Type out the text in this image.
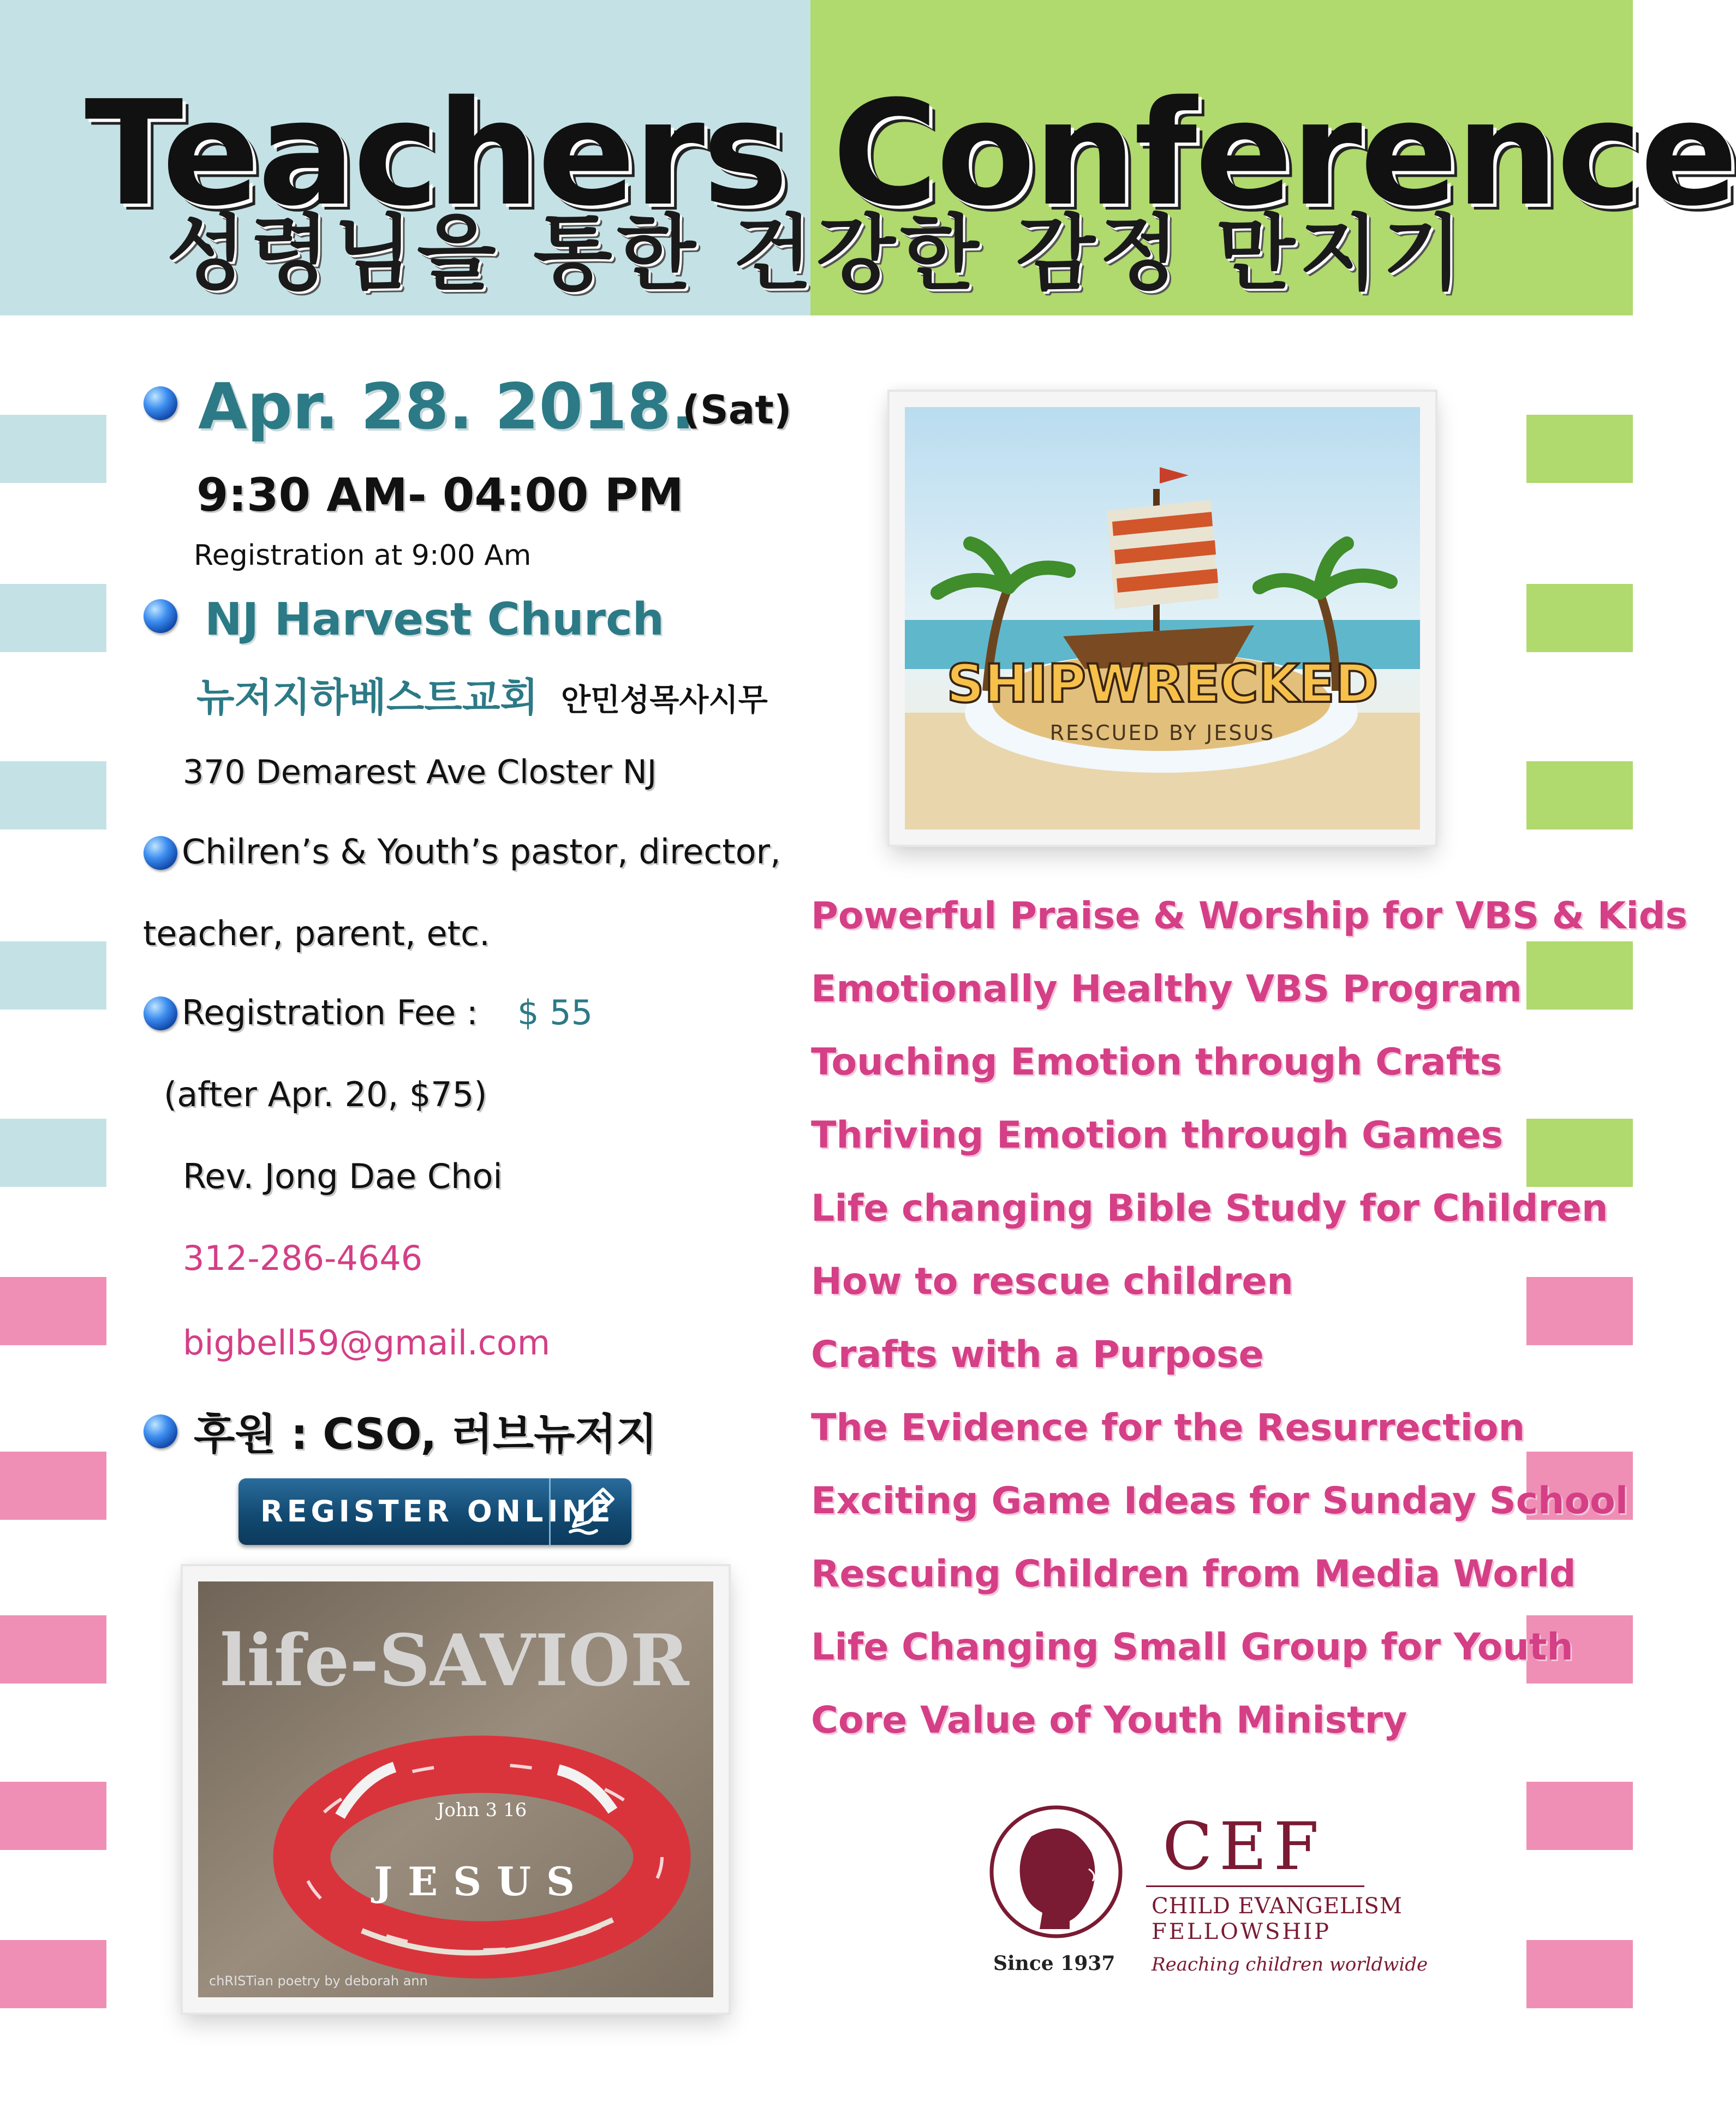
Teachers Conference
성령님을 통한 건강한 감정 만지기
Apr. 28. 2018.
(Sat)
9:30 AM- 04:00 PM
Registration at 9:00 Am
NJ Harvest Church
뉴저지하베스트교회 안민성목사시무
370 Demarest Ave Closter NJ
Chilren’s & Youth’s pastor, director,
teacher, parent, etc.
Registration Fee : $ 55
(after Apr. 20, $75)
Rev. Jong Dae Choi
312-286-4646
bigbell59@gmail.com
후원 : CSO, 러브뉴저지
REGISTER ONLINE
SHIPWRECKED
RESCUED BY JESUS
life-SAVIOR
JESUS
John 3 16
chRISTian poetry by deborah ann
Powerful Praise & Worship for VBS & Kids
Emotionally Healthy VBS Program
Touching Emotion through Crafts
Thriving Emotion through Games
Life changing Bible Study for Children
How to rescue children
Crafts with a Purpose
The Evidence for the Resurrection
Exciting Game Ideas for Sunday School
Rescuing Children from Media World
Life Changing Small Group for Youth
Core Value of Youth Ministry
Since 1937
CEF
CHILD EVANGELISM
FELLOWSHIP
Reaching children worldwide
